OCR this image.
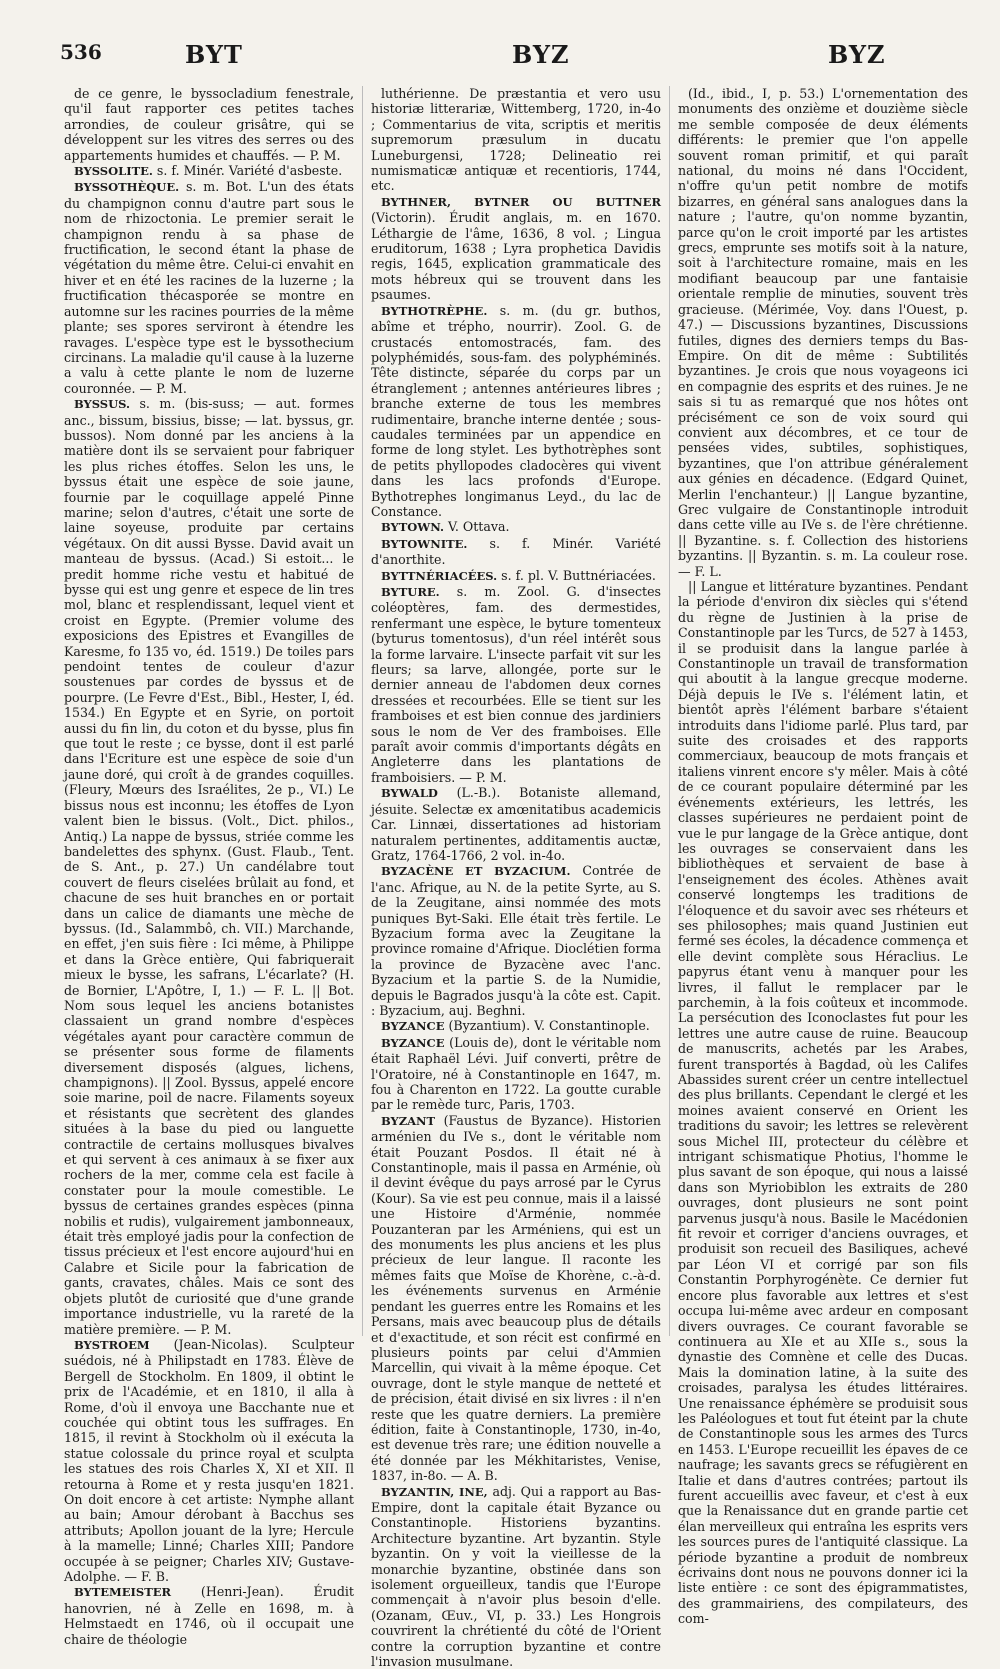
536	BYT	BYZ	BYZ

de ce genre, le byssocladium fenestrale, qu'il faut rapporter ces petites taches arrondies, de couleur grisâtre, qui se développent sur les vitres des serres ou des appartements humides et chauffés. — P. M.

BYSSOLITE. s. f. Minér. Variété d'asbeste.

BYSSOTHÈQUE. s. m. Bot. L'un des états du champignon connu d'autre part sous le nom de rhizoctonia. Le premier serait le champignon rendu à sa phase de fructification, le second étant la phase de végétation du même être. Celui-ci envahit en hiver et en été les racines de la luzerne ; la fructification thécasporée se montre en automne sur les racines pourries de la même plante; ses spores serviront à étendre les ravages. L'espèce type est le byssothecium circinans. La maladie qu'il cause à la luzerne a valu à cette plante le nom de luzerne couronnée. — P. M.

BYSSUS. s. m. (bis-suss; — aut. formes anc., bissum, bissius, bisse; — lat. byssus, gr. bussos). Nom donné par les anciens à la matière dont ils se servaient pour fabriquer les plus riches étoffes. Selon les uns, le byssus était une espèce de soie jaune, fournie par le coquillage appelé Pinne marine; selon d'autres, c'était une sorte de laine soyeuse, produite par certains végétaux. On dit aussi Bysse. David avait un manteau de byssus. (Acad.) Si estoit... le predit homme riche vestu et habitué de bysse qui est ung genre et espece de lin tres mol, blanc et resplendissant, lequel vient et croist en Egypte. (Premier volume des exposicions des Epistres et Evangilles de Karesme, fo 135 vo, éd. 1519.) De toiles pars pendoint tentes de couleur d'azur soustenues par cordes de byssus et de pourpre. (Le Fevre d'Est., Bibl., Hester, I, éd. 1534.) En Egypte et en Syrie, on portoit aussi du fin lin, du coton et du bysse, plus fin que tout le reste ; ce bysse, dont il est parlé dans l'Ecriture est une espèce de soie d'un jaune doré, qui croît à de grandes coquilles. (Fleury, Mœurs des Israélites, 2e p., VI.) Le bissus nous est inconnu; les étoffes de Lyon valent bien le bissus. (Volt., Dict. philos., Antiq.) La nappe de byssus, striée comme les bandelettes des sphynx. (Gust. Flaub., Tent. de S. Ant., p. 27.) Un candélabre tout couvert de fleurs ciselées brûlait au fond, et chacune de ses huit branches en or portait dans un calice de diamants une mèche de byssus. (Id., Salammbô, ch. VII.) Marchande, en effet, j'en suis fière : Ici même, à Philippe et dans la Grèce entière, Qui fabriquerait mieux le bysse, les safrans, L'écarlate? (H. de Bornier, L'Apôtre, I, 1.) — F. L. || Bot. Nom sous lequel les anciens botanistes classaient un grand nombre d'espèces végétales ayant pour caractère commun de se présenter sous forme de filaments diversement disposés (algues, lichens, champignons). || Zool. Byssus, appelé encore soie marine, poil de nacre. Filaments soyeux et résistants que secrètent des glandes situées à la base du pied ou languette contractile de certains mollusques bivalves et qui servent à ces animaux à se fixer aux rochers de la mer, comme cela est facile à constater pour la moule comestible. Le byssus de certaines grandes espèces (pinna nobilis et rudis), vulgairement jambonneaux, était très employé jadis pour la confection de tissus précieux et l'est encore aujourd'hui en Calabre et Sicile pour la fabrication de gants, cravates, châles. Mais ce sont des objets plutôt de curiosité que d'une grande importance industrielle, vu la rareté de la matière première. — P. M.

BYSTROEM (Jean-Nicolas). Sculpteur suédois, né à Philipstadt en 1783. Élève de Bergell de Stockholm. En 1809, il obtint le prix de l'Académie, et en 1810, il alla à Rome, d'où il envoya une Bacchante nue et couchée qui obtint tous les suffrages. En 1815, il revint à Stockholm où il exécuta la statue colossale du prince royal et sculpta les statues des rois Charles X, XI et XII. Il retourna à Rome et y resta jusqu'en 1821. On doit encore à cet artiste: Nymphe allant au bain; Amour dérobant à Bacchus ses attributs; Apollon jouant de la lyre; Hercule à la mamelle; Linné; Charles XIII; Pandore occupée à se peigner; Charles XIV; Gustave-Adolphe. — F. B.

BYTEMEISTER (Henri-Jean). Érudit hanovrien, né à Zelle en 1698, m. à Helmstaedt en 1746, où il occupait une chaire de théologie

luthérienne. De præstantia et vero usu historiæ litterariæ, Wittemberg, 1720, in-4o ; Commentarius de vita, scriptis et meritis supremorum præsulum in ducatu Luneburgensi, 1728; Delineatio rei numismaticæ antiquæ et recentioris, 1744, etc.

BYTHNER, BYTNER OU BUTTNER (Victorin). Érudit anglais, m. en 1670. Léthargie de l'âme, 1636, 8 vol. ; Lingua eruditorum, 1638 ; Lyra prophetica Davidis regis, 1645, explication grammaticale des mots hébreux qui se trouvent dans les psaumes.

BYTHOTRÈPHE. s. m. (du gr. buthos, abîme et trépho, nourrir). Zool. G. de crustacés entomostracés, fam. des polyphémidés, sous-fam. des polyphéminés. Tête distincte, séparée du corps par un étranglement ; antennes antérieures libres ; branche externe de tous les membres rudimentaire, branche interne dentée ; sous-caudales terminées par un appendice en forme de long stylet. Les bythotrèphes sont de petits phyllopodes cladocères qui vivent dans les lacs profonds d'Europe. Bythotrephes longimanus Leyd., du lac de Constance.

BYTOWN. V. Ottava.

BYTOWNITE. s. f. Minér. Variété d'anorthite.

BYTTNÉRIACÉES. s. f. pl. V. Buttnériacées.

BYTURE. s. m. Zool. G. d'insectes coléoptères, fam. des dermestides, renfermant une espèce, le byture tomenteux (byturus tomentosus), d'un réel intérêt sous la forme larvaire. L'insecte parfait vit sur les fleurs; sa larve, allongée, porte sur le dernier anneau de l'abdomen deux cornes dressées et recourbées. Elle se tient sur les framboises et est bien connue des jardiniers sous le nom de Ver des framboises. Elle paraît avoir commis d'importants dégâts en Angleterre dans les plantations de framboisiers. — P. M.

BYWALD (L.-B.). Botaniste allemand, jésuite. Selectæ ex amœnitatibus academicis Car. Linnæi, dissertationes ad historiam naturalem pertinentes, additamentis auctæ, Gratz, 1764-1766, 2 vol. in-4o.

BYZACÈNE ET BYZACIUM. Contrée de l'anc. Afrique, au N. de la petite Syrte, au S. de la Zeugitane, ainsi nommée des mots puniques Byt-Saki. Elle était très fertile. Le Byzacium forma avec la Zeugitane la province romaine d'Afrique. Dioclétien forma la province de Byzacène avec l'anc. Byzacium et la partie S. de la Numidie, depuis le Bagrados jusqu'à la côte est. Capit. : Byzacium, auj. Beghni.

BYZANCE (Byzantium). V. Constantinople.

BYZANCE (Louis de), dont le véritable nom était Raphaël Lévi. Juif converti, prêtre de l'Oratoire, né à Constantinople en 1647, m. fou à Charenton en 1722. La goutte curable par le remède turc, Paris, 1703.

BYZANT (Faustus de Byzance). Historien arménien du IVe s., dont le véritable nom était Pouzant Posdos. Il était né à Constantinople, mais il passa en Arménie, où il devint évêque du pays arrosé par le Cyrus (Kour). Sa vie est peu connue, mais il a laissé une Histoire d'Arménie, nommée Pouzanteran par les Arméniens, qui est un des monuments les plus anciens et les plus précieux de leur langue. Il raconte les mêmes faits que Moïse de Khorène, c.-à-d. les événements survenus en Arménie pendant les guerres entre les Romains et les Persans, mais avec beaucoup plus de détails et d'exactitude, et son récit est confirmé en plusieurs points par celui d'Ammien Marcellin, qui vivait à la même époque. Cet ouvrage, dont le style manque de netteté et de précision, était divisé en six livres : il n'en reste que les quatre derniers. La première édition, faite à Constantinople, 1730, in-4o, est devenue très rare; une édition nouvelle a été donnée par les Mékhitaristes, Venise, 1837, in-8o. — A. B.

BYZANTIN, INE, adj. Qui a rapport au Bas-Empire, dont la capitale était Byzance ou Constantinople. Historiens byzantins. Architecture byzantine. Art byzantin. Style byzantin. On y voit la vieillesse de la monarchie byzantine, obstinée dans son isolement orgueilleux, tandis que l'Europe commençait à n'avoir plus besoin d'elle. (Ozanam, Œuv., VI, p. 33.) Les Hongrois couvrirent la chrétienté du côté de l'Orient contre la corruption byzantine et contre l'invasion musulmane.

(Id., ibid., I, p. 53.) L'ornementation des monuments des onzième et douzième siècle me semble composée de deux éléments différents: le premier que l'on appelle souvent roman primitif, et qui paraît national, du moins né dans l'Occident, n'offre qu'un petit nombre de motifs bizarres, en général sans analogues dans la nature ; l'autre, qu'on nomme byzantin, parce qu'on le croit importé par les artistes grecs, emprunte ses motifs soit à la nature, soit à l'architecture romaine, mais en les modifiant beaucoup par une fantaisie orientale remplie de minuties, souvent très gracieuse. (Mérimée, Voy. dans l'Ouest, p. 47.) — Discussions byzantines, Discussions futiles, dignes des derniers temps du Bas-Empire. On dit de même : Subtilités byzantines. Je crois que nous voyageons ici en compagnie des esprits et des ruines. Je ne sais si tu as remarqué que nos hôtes ont précisément ce son de voix sourd qui convient aux décombres, et ce tour de pensées vides, subtiles, sophistiques, byzantines, que l'on attribue généralement aux génies en décadence. (Edgard Quinet, Merlin l'enchanteur.) || Langue byzantine, Grec vulgaire de Constantinople introduit dans cette ville au IVe s. de l'ère chrétienne. || Byzantine. s. f. Collection des historiens byzantins. || Byzantin. s. m. La couleur rose. — F. L.

|| Langue et littérature byzantines. Pendant la période d'environ dix siècles qui s'étend du règne de Justinien à la prise de Constantinople par les Turcs, de 527 à 1453, il se produisit dans la langue parlée à Constantinople un travail de transformation qui aboutit à la langue grecque moderne. Déjà depuis le IVe s. l'élément latin, et bientôt après l'élément barbare s'étaient introduits dans l'idiome parlé. Plus tard, par suite des croisades et des rapports commerciaux, beaucoup de mots français et italiens vinrent encore s'y mêler. Mais à côté de ce courant populaire déterminé par les événements extérieurs, les lettrés, les classes supérieures ne perdaient point de vue le pur langage de la Grèce antique, dont les ouvrages se conservaient dans les bibliothèques et servaient de base à l'enseignement des écoles. Athènes avait conservé longtemps les traditions de l'éloquence et du savoir avec ses rhéteurs et ses philosophes; mais quand Justinien eut fermé ses écoles, la décadence commença et elle devint complète sous Héraclius. Le papyrus étant venu à manquer pour les livres, il fallut le remplacer par le parchemin, à la fois coûteux et incommode. La persécution des Iconoclastes fut pour les lettres une autre cause de ruine. Beaucoup de manuscrits, achetés par les Arabes, furent transportés à Bagdad, où les Califes Abassides surent créer un centre intellectuel des plus brillants. Cependant le clergé et les moines avaient conservé en Orient les traditions du savoir; les lettres se relevèrent sous Michel III, protecteur du célèbre et intrigant schismatique Photius, l'homme le plus savant de son époque, qui nous a laissé dans son Myriobiblon les extraits de 280 ouvrages, dont plusieurs ne sont point parvenus jusqu'à nous. Basile le Macédonien fit revoir et corriger d'anciens ouvrages, et produisit son recueil des Basiliques, achevé par Léon VI et corrigé par son fils Constantin Porphyrogénète. Ce dernier fut encore plus favorable aux lettres et s'est occupa lui-même avec ardeur en composant divers ouvrages. Ce courant favorable se continuera au XIe et au XIIe s., sous la dynastie des Comnène et celle des Ducas. Mais la domination latine, à la suite des croisades, paralysa les études littéraires. Une renaissance éphémère se produisit sous les Paléologues et tout fut éteint par la chute de Constantinople sous les armes des Turcs en 1453. L'Europe recueillit les épaves de ce naufrage; les savants grecs se réfugièrent en Italie et dans d'autres contrées; partout ils furent accueillis avec faveur, et c'est à eux que la Renaissance dut en grande partie cet élan merveilleux qui entraîna les esprits vers les sources pures de l'antiquité classique. La période byzantine a produit de nombreux écrivains dont nous ne pouvons donner ici la liste entière : ce sont des épigrammatistes, des grammairiens, des compilateurs, des com-
